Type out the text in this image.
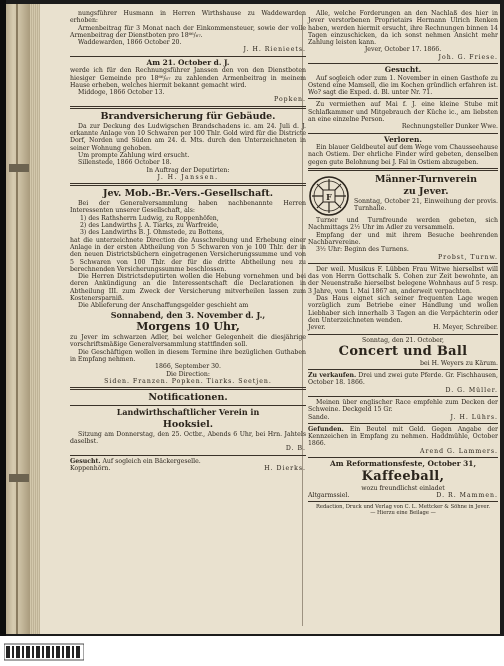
nungsführer Husmann in Herren Wirthshause zu Waddewarden erhoben:

Armenbeitrag für 3 Monat nach der Einkommensteuer, sowie der volle Armenbeitrag der Dienstboten pro 18⁶⁶/₆₇.

Waddewarden, 1866 October 20.

J. H. Rienieets.

Am 21. October d. J.

werde ich für den Rechnungsführer Janssen den von den Dienstboten hiesiger Gemeinde pro 18⁶⁶/₆₇ zu zahlenden Armenbeitrag in meinem Hause erheben, welches hiermit bekannt gemacht wird.

Middoge, 1866 October 13.

Popken.

Brandversicherung für Gebäude.

Da zur Deckung des Ludwigschen Brandschadens ic. am 24. Juli d. J. erkannte Anlage von 10 Schwaren per 100 Thlr. Gold wird für die Districte Dorf, Norden und Süden am 24. d. Mts. durch den Unterzeichneten in seiner Wohnung gehoben.

Um prompte Zahlung wird ersucht.

Sillenstede, 1866 October 18.

In Auftrag der Deputirten:

J. H. Janssen.

Jev. Mob.-Br.-Vers.-Gesellschaft.

Bei der Generalversammlung haben nachbenannte Herren Interessenten unserer Gesellschaft, als:

1) des Rathsherrn Ludwig, zu Roppenhöfen,

2) des Landwirths J. A. Tiarks, zu Warfreide,

3) des Landwirths B. J. Ohmstede, zu Bottens,

hat die unterzeichnete Direction die Ausschreibung und Erhebung einer Anlage in der ersten Abtheilung von 5 Schwaren von je 100 Thlr. der in den neuen Districtsbüchern eingetragenen Versicherungssumme und von 5 Schwaren von 100 Thlr. der für die dritte Abtheilung neu zu berechnenden Versicherungssumme beschlossen.

Die Herren Districtsdeputirten wollen die Hebung vornehmen und bei deren Ankündigung an die Interessentschaft die Declarationen in Abtheilung III. zum Zweck der Versicherung mitverheilen lassen zum Kostenersparniß.

Die Ablieferung der Anschaffungsgelder geschieht am

Sonnabend, den 3. November d. J.,

Morgens 10 Uhr,

zu Jever im schwarzen Adler, bei welcher Gelegenheit die diesjährige vorschriftsmäßige Generalversammlung stattfinden soll.

Die Geschäftigen wollen in diesem Termine ihre bezüglichen Guthaben in Empfang nehmen.

1866, September 30.

Die Direction:

Siden. Franzen. Popken. Tiarks. Seetjen.

Notificationen.

Landwirthschaftlicher Verein in

Hooksiel.

Sitzung am Donnerstag, den 25. Octbr., Abends 6 Uhr, bei Hrn. Jahtels daselbst.

D. B.

Gesucht. Auf sogleich ein Bäckergeselle.

Koppenhörn.	H. Dierks.

Alle, welche Forderungen an den Nachlaß des hier in Jever verstorbenen Proprietairs Hermann Ulrich Renken haben, werden hiermit ersucht, ihre Rechnungen binnen 14 Tagen einzuschicken, da ich sonst nehmen Ansicht mehr Zahlung leisten kann.

Jever, October 17. 1866.

Joh. G. Friese.

Gesucht.

Auf sogleich oder zum 1. November in einen Gasthofe zu Ostend eine Mamsell, die im Kochen gründlich erfahren ist. Wo? sagt die Exped. d. Bl. unter Nr. 71.

Zu vermiethen auf Mai f. J. eine kleine Stube mit Schlafkammer und Mitgebrauch der Küche ic., am liebsten an eine einzelne Person.

Rechnungsteller Dunker Wwe.

Verloren.

Ein blauer Geldbeutel auf dem Wege vom Chausseehause nach Ostiem. Der ehrliche Finder wird gebeten, denselben gegen gute Belohnung bei J. Fal in Ostiem abzugeben.

F

Männer-Turnverein

zu Jever.

Sonntag, October 21, Einweihung der provis. Turnhalle.

Turner und Turnfreunde werden gebeten, sich Nachmittags 2½ Uhr im Adler zu versammeln.

Empfang der und mit ihrem Besuche beehrenden Nachbarvereine.

3½ Uhr: Beginn des Turnens.

Probst, Turnw.

Der weil. Musikus F. Lübben Frau Witwe hierselbst will das von Herrn Gottschalk S. Cohen zur Zeit bewohnte, an der Neuenstraße hierselbst belegene Wohnhaus auf 5 resp. 3 Jahre, vom 1. Mai 1867 an, anderweit verpachten.

Das Haus eignet sich seiner frequenten Lage wegen vorzüglich zum Betriebe einer Handlung und wollen Liebhaber sich innerhalb 3 Tagen an die Verpächterin oder den Unterzeichneten wenden.

Jever.	H. Meyer, Schreiber.

Sonntag, den 21. October,

Concert und Ball

bei H. Weyers zu Kärum.

Zu verkaufen. Drei und zwei gute Pferde. Gr. Fischhausen, October 18. 1866.

D. G. Müller.

Meinen über englischer Race empfehle zum Decken der Schweine. Deckgeld 15 Gr.

Sande.	J. H. Lührs.

Gefunden. Ein Beutel mit Geld. Gegen Angabe der Kennzeichen in Empfang zu nehmen. Haddmühle, October 1866.

Arend G. Lammers.

Am Reformationsfeste, October 31,

Kaffeeball,

wozu freundlichst einladet

Altgarmssiel.	D. R. Mammen.

Redaction, Druck und Verlag von C. L. Mettcker & Söhne in Jever.

— Hierzu eine Beilage —
